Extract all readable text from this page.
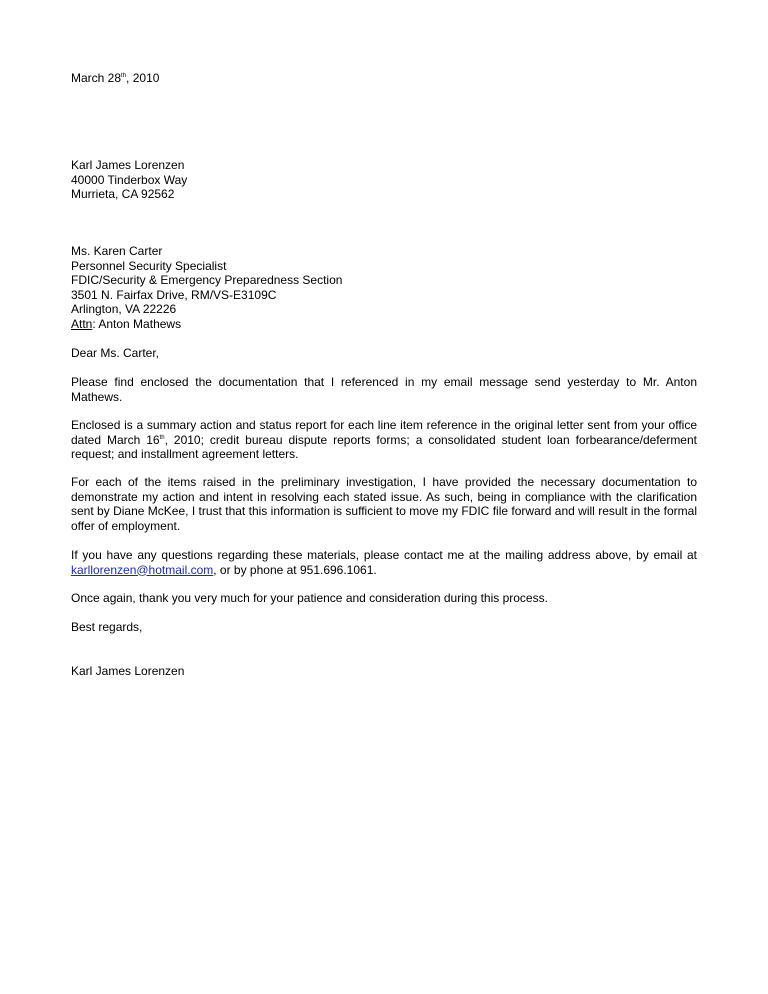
March 28th, 2010
Karl James Lorenzen
40000 Tinderbox Way
Murrieta, CA 92562
Ms. Karen Carter
Personnel Security Specialist
FDIC/Security & Emergency Preparedness Section
3501 N. Fairfax Drive, RM/VS-E3109C
Arlington, VA 22226
Attn: Anton Mathews
Dear Ms. Carter,

Please find enclosed the documentation that I referenced in my email message send yesterday to Mr. Anton Mathews.

Enclosed is a summary action and status report for each line item reference in the original letter sent from your office dated March 16th, 2010; credit bureau dispute reports forms; a consolidated student loan forbearance/deferment request; and installment agreement letters.

For each of the items raised in the preliminary investigation, I have provided the necessary documentation to demonstrate my action and intent in resolving each stated issue. As such, being in compliance with the clarification sent by Diane McKee, I trust that this information is sufficient to move my FDIC file forward and will result in the formal offer of employment.

If you have any questions regarding these materials, please contact me at the mailing address above, by email at karllorenzen@hotmail.com, or by phone at 951.696.1061.

Once again, thank you very much for your patience and consideration during this process.

Best regards,
Karl James Lorenzen
